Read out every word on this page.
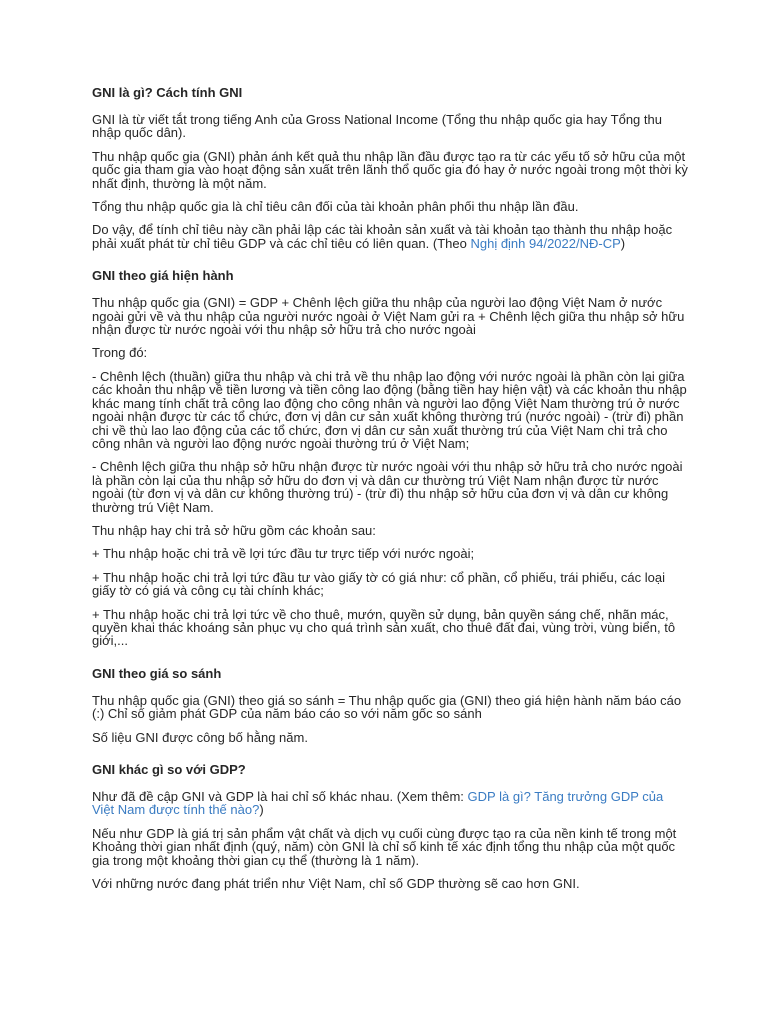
GNI là gì? Cách tính GNI

GNI là từ viết tắt trong tiếng Anh của Gross National Income (Tổng thu nhập quốc gia hay Tổng thu nhập quốc dân).

Thu nhập quốc gia (GNI) phản ánh kết quả thu nhập lần đầu được tạo ra từ các yếu tố sở hữu của một quốc gia tham gia vào hoạt động sản xuất trên lãnh thổ quốc gia đó hay ở nước ngoài trong một thời kỳ nhất định, thường là một năm.

Tổng thu nhập quốc gia là chỉ tiêu cân đối của tài khoản phân phối thu nhập lần đầu.

Do vậy, để tính chỉ tiêu này cần phải lập các tài khoản sản xuất và tài khoản tạo thành thu nhập hoặc phải xuất phát từ chỉ tiêu GDP và các chỉ tiêu có liên quan. (Theo Nghị định 94/2022/NĐ-CP)

GNI theo giá hiện hành

Thu nhập quốc gia (GNI) = GDP + Chênh lệch giữa thu nhập của người lao động Việt Nam ở nước ngoài gửi về và thu nhập của người nước ngoài ở Việt Nam gửi ra + Chênh lệch giữa thu nhập sở hữu nhận được từ nước ngoài với thu nhập sở hữu trả cho nước ngoài

Trong đó:

- Chênh lệch (thuần) giữa thu nhập và chi trả về thu nhập lao động với nước ngoài là phần còn lại giữa các khoản thu nhập về tiền lương và tiền công lao động (bằng tiền hay hiện vật) và các khoản thu nhập khác mang tính chất trả công lao động cho công nhân và người lao động Việt Nam thường trú ở nước ngoài nhận được từ các tổ chức, đơn vị dân cư sản xuất không thường trú (nước ngoài) - (trừ đi) phần chi về thù lao lao động của các tổ chức, đơn vị dân cư sản xuất thường trú của Việt Nam chi trả cho công nhân và người lao động nước ngoài thường trú ở Việt Nam;

- Chênh lệch giữa thu nhập sở hữu nhận được từ nước ngoài với thu nhập sở hữu trả cho nước ngoài là phần còn lại của thu nhập sở hữu do đơn vị và dân cư thường trú Việt Nam nhận được từ nước ngoài (từ đơn vị và dân cư không thường trú) - (trừ đi) thu nhập sở hữu của đơn vị và dân cư không thường trú Việt Nam.

Thu nhập hay chi trả sở hữu gồm các khoản sau:

+ Thu nhập hoặc chi trả về lợi tức đầu tư trực tiếp với nước ngoài;

+ Thu nhập hoặc chi trả lợi tức đầu tư vào giấy tờ có giá như: cổ phần, cổ phiếu, trái phiếu, các loại giấy tờ có giá và công cụ tài chính khác;

+ Thu nhập hoặc chi trả lợi tức về cho thuê, mướn, quyền sử dụng, bản quyền sáng chế, nhãn mác, quyền khai thác khoáng sản phục vụ cho quá trình sản xuất, cho thuê đất đai, vùng trời, vùng biển, tô giới,...

GNI theo giá so sánh

Thu nhập quốc gia (GNI) theo giá so sánh = Thu nhập quốc gia (GNI) theo giá hiện hành năm báo cáo (:) Chỉ số giảm phát GDP của năm báo cáo so với năm gốc so sánh

Số liệu GNI được công bố hằng năm.

GNI khác gì so với GDP?

Như đã đề cập GNI và GDP là hai chỉ số khác nhau. (Xem thêm: GDP là gì? Tăng trưởng GDP của Việt Nam được tính thế nào?)

Nếu như GDP là giá trị sản phẩm vật chất và dịch vụ cuối cùng được tạo ra của nền kinh tế trong một Khoảng thời gian nhất định (quý, năm) còn GNI là chỉ số kinh tế xác định tổng thu nhập của một quốc gia trong một khoảng thời gian cụ thể (thường là 1 năm).

Với những nước đang phát triển như Việt Nam, chỉ số GDP thường sẽ cao hơn GNI.
